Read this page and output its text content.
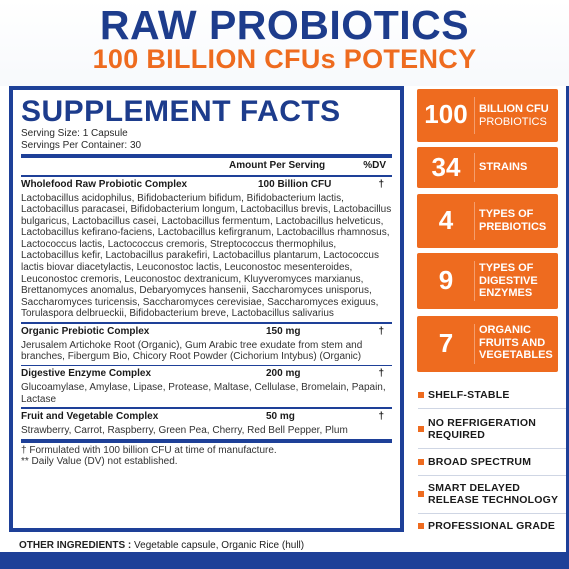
RAW PROBIOTICS
100 BILLION CFUs POTENCY
SUPPLEMENT FACTS
Serving Size: 1 Capsule
Servings Per Container: 30
Amount Per Serving	%DV
Wholefood Raw Probiotic Complex	100 Billion CFU	†
Lactobacillus acidophilus, Bifidobacterium bifidum, Bifidobacterium lactis, Lactobacillus paracasei, Bifidobacterium longum, Lactobacillus brevis, Lactobacillus bulgaricus, Lactobacillus casei, Lactobacillus fermentum, Lactobacillus helveticus, Lactobacillus kefirano-faciens, Lactobacillus kefirgranum, Lactobacillus rhamnosus, Lactococcus lactis, Lactococcus cremoris, Streptococcus thermophilus, Lactobacillus kefir, Lactobacillus parakefiri, Lactobacillus plantarum, Lactococcus lactis biovar diacetylactis, Leuconostoc lactis, Leuconostoc mesenteroides, Leuconostoc cremoris, Leuconostoc dextranicum, Kluyveromyces marxianus, Brettanomyces anomalus, Debaryomyces hansenii, Saccharomyces unisporus, Saccharomyces turicensis, Saccharomyces cerevisiae, Saccharomyces exiguus, Torulaspora delbrueckii, Bifidobacterium breve, Lactobacillus salivarius
Organic Prebiotic Complex	150 mg	†
Jerusalem Artichoke Root (Organic), Gum Arabic tree exudate from stem and branches, Fibergum Bio, Chicory Root Powder (Cichorium Intybus) (Organic)
Digestive Enzyme Complex	200 mg	†
Glucoamylase, Amylase, Lipase, Protease, Maltase, Cellulase, Bromelain, Papain, Lactase
Fruit and Vegetable Complex	50 mg	†
Strawberry, Carrot, Raspberry, Green Pea, Cherry, Red Bell Pepper, Plum
† Formulated with 100 billion CFU at time of manufacture.
** Daily Value (DV) not established.
OTHER INGREDIENTS : Vegetable capsule, Organic Rice (hull)
100	BILLION CFU
PROBIOTICS
34	STRAINS
4	TYPES OF
PREBIOTICS
9	TYPES OF
DIGESTIVE
ENZYMES
7	ORGANIC
FRUITS AND
VEGETABLES
SHELF-STABLE
NO REFRIGERATION
REQUIRED
BROAD SPECTRUM
SMART DELAYED
RELEASE TECHNOLOGY
PROFESSIONAL GRADE
